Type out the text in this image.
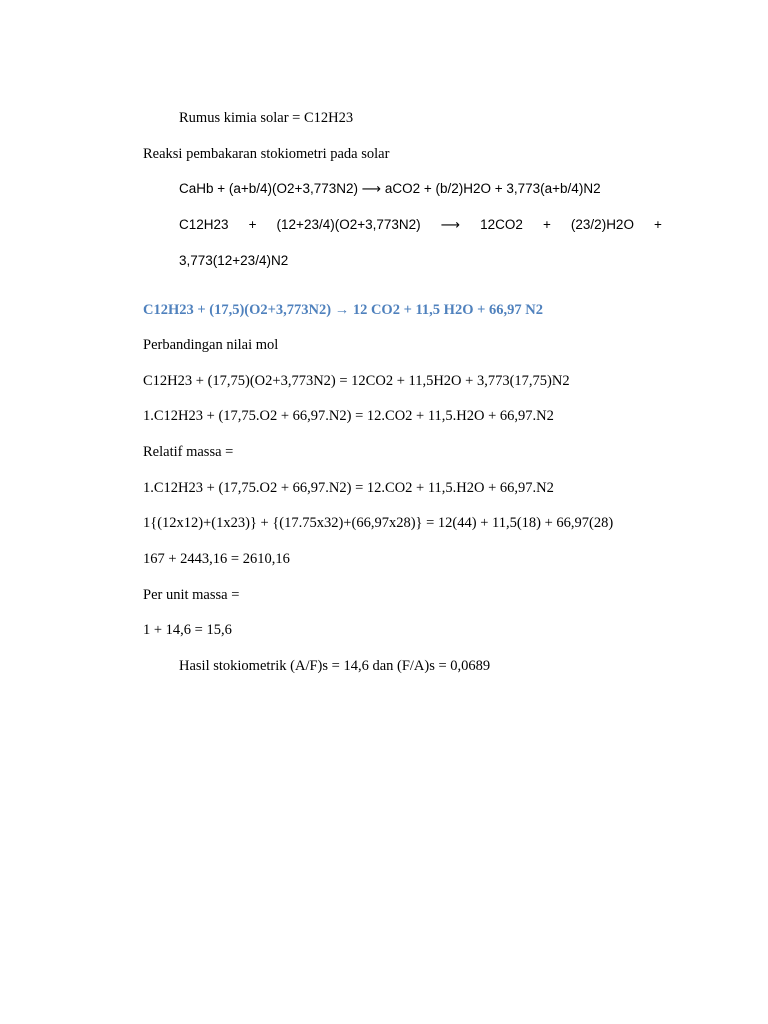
Rumus kimia solar = C12H23
Reaksi pembakaran stokiometri pada solar
CaHb + (a+b/4)(O2+3,773N2) ⟶ aCO2 + (b/2)H2O + 3,773(a+b/4)N2
C12H23 + (12+23/4)(O2+3,773N2) ⟶ 12CO2 + (23/2)H2O +
3,773(12+23/4)N2
C12H23 + (17,5)(O2+3,773N2) → 12 CO2 + 11,5 H2O + 66,97 N2
Perbandingan nilai mol
C12H23 + (17,75)(O2+3,773N2) = 12CO2 + 11,5H2O + 3,773(17,75)N2
1.C12H23 + (17,75.O2 + 66,97.N2) = 12.CO2 + 11,5.H2O + 66,97.N2
Relatif massa =
1.C12H23 + (17,75.O2 + 66,97.N2) = 12.CO2 + 11,5.H2O + 66,97.N2
1{(12x12)+(1x23)} + {(17.75x32)+(66,97x28)} = 12(44) + 11,5(18) + 66,97(28)
167 + 2443,16 = 2610,16
Per unit massa =
1 + 14,6 = 15,6
Hasil stokiometrik (A/F)s = 14,6 dan (F/A)s = 0,0689
